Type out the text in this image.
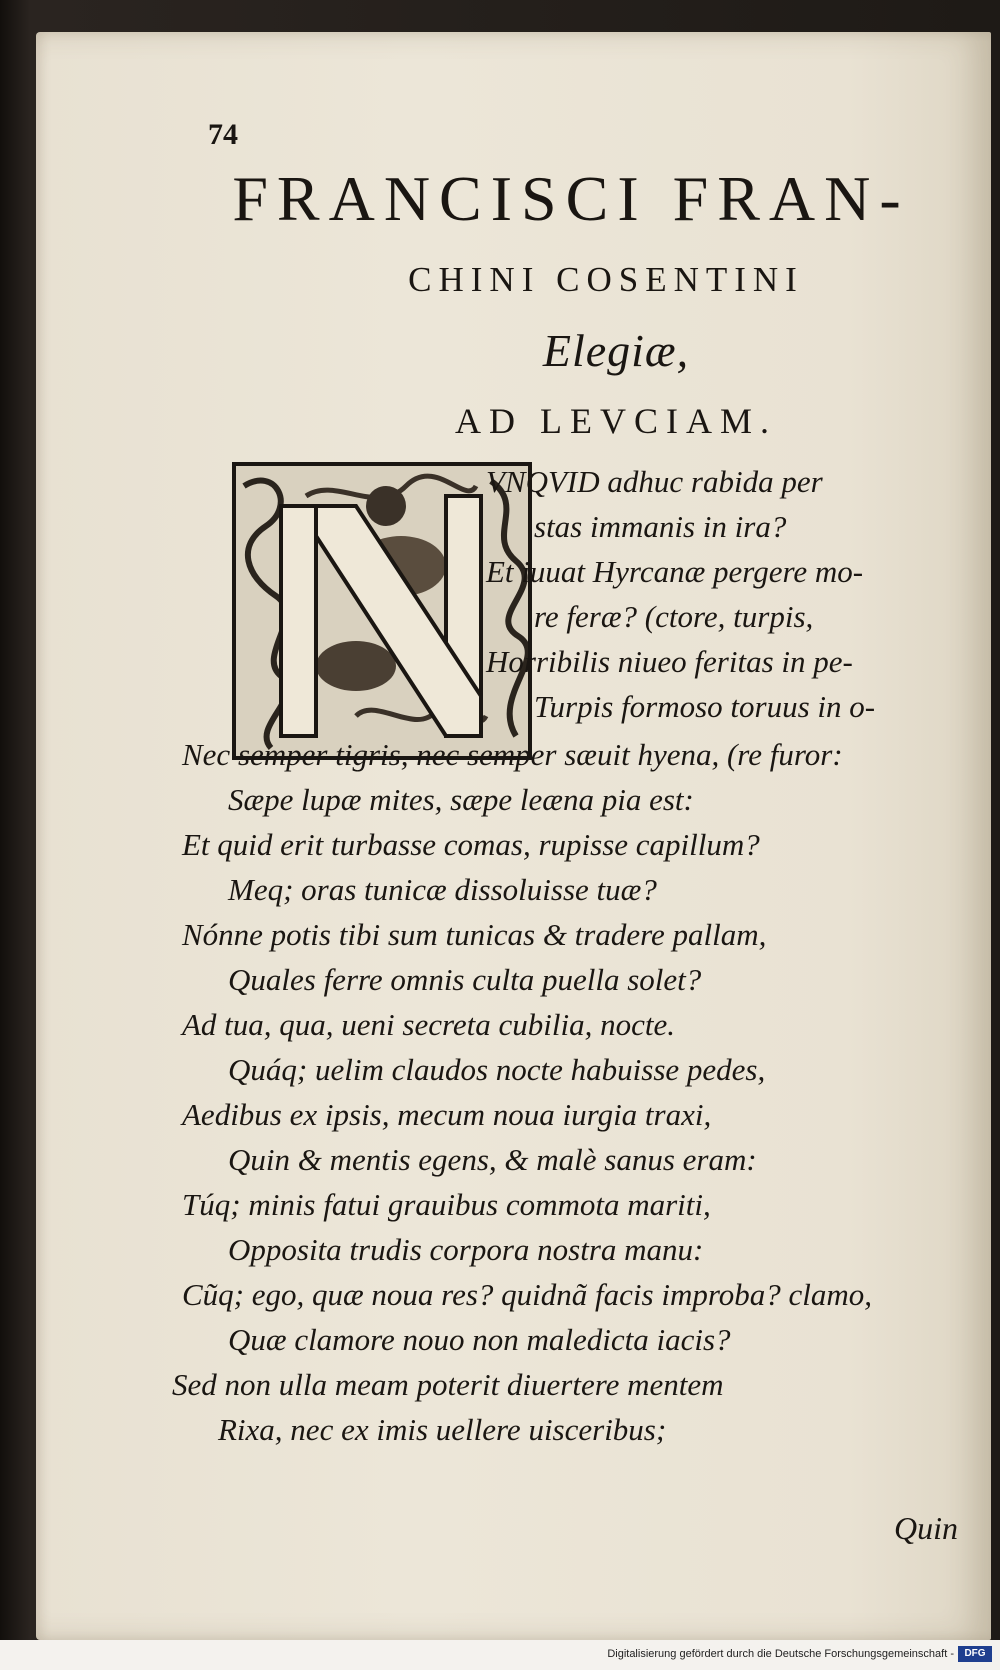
74
FRANCISCI FRAN-
CHINI COSENTINI
Elegiæ,
AD LEVCIAM.
VNQVID adhuc rabida per
stas immanis in ira?
Et iuuat Hyrcanæ pergere mo-
re feræ? (ctore, turpis,
Horribilis niueo feritas in pe-
Turpis formoso toruus in o-
Nec semper tigris, nec semper sæuit hyena, (re furor:
Sæpe lupæ mites, sæpe leæna pia est:
Et quid erit turbasse comas, rupisse capillum?
Meq; oras tunicæ dissoluisse tuæ?
Nónne potis tibi sum tunicas & tradere pallam,
Quales ferre omnis culta puella solet?
Ad tua, qua, ueni secreta cubilia, nocte.
Quáq; uelim claudos nocte habuisse pedes,
Aedibus ex ipsis, mecum noua iurgia traxi,
Quin & mentis egens, & malè sanus eram:
Túq; minis fatui grauibus commota mariti,
Opposita trudis corpora nostra manu:
Cũq; ego, quæ noua res? quidnã facis improba? clamo,
Quæ clamore nouo non maledicta iacis?
Sed non ulla meam poterit diuertere mentem
Rixa, nec ex imis uellere uisceribus;
Quin
Digitalisierung gefördert durch die Deutsche Forschungsgemeinschaft -	DFG
